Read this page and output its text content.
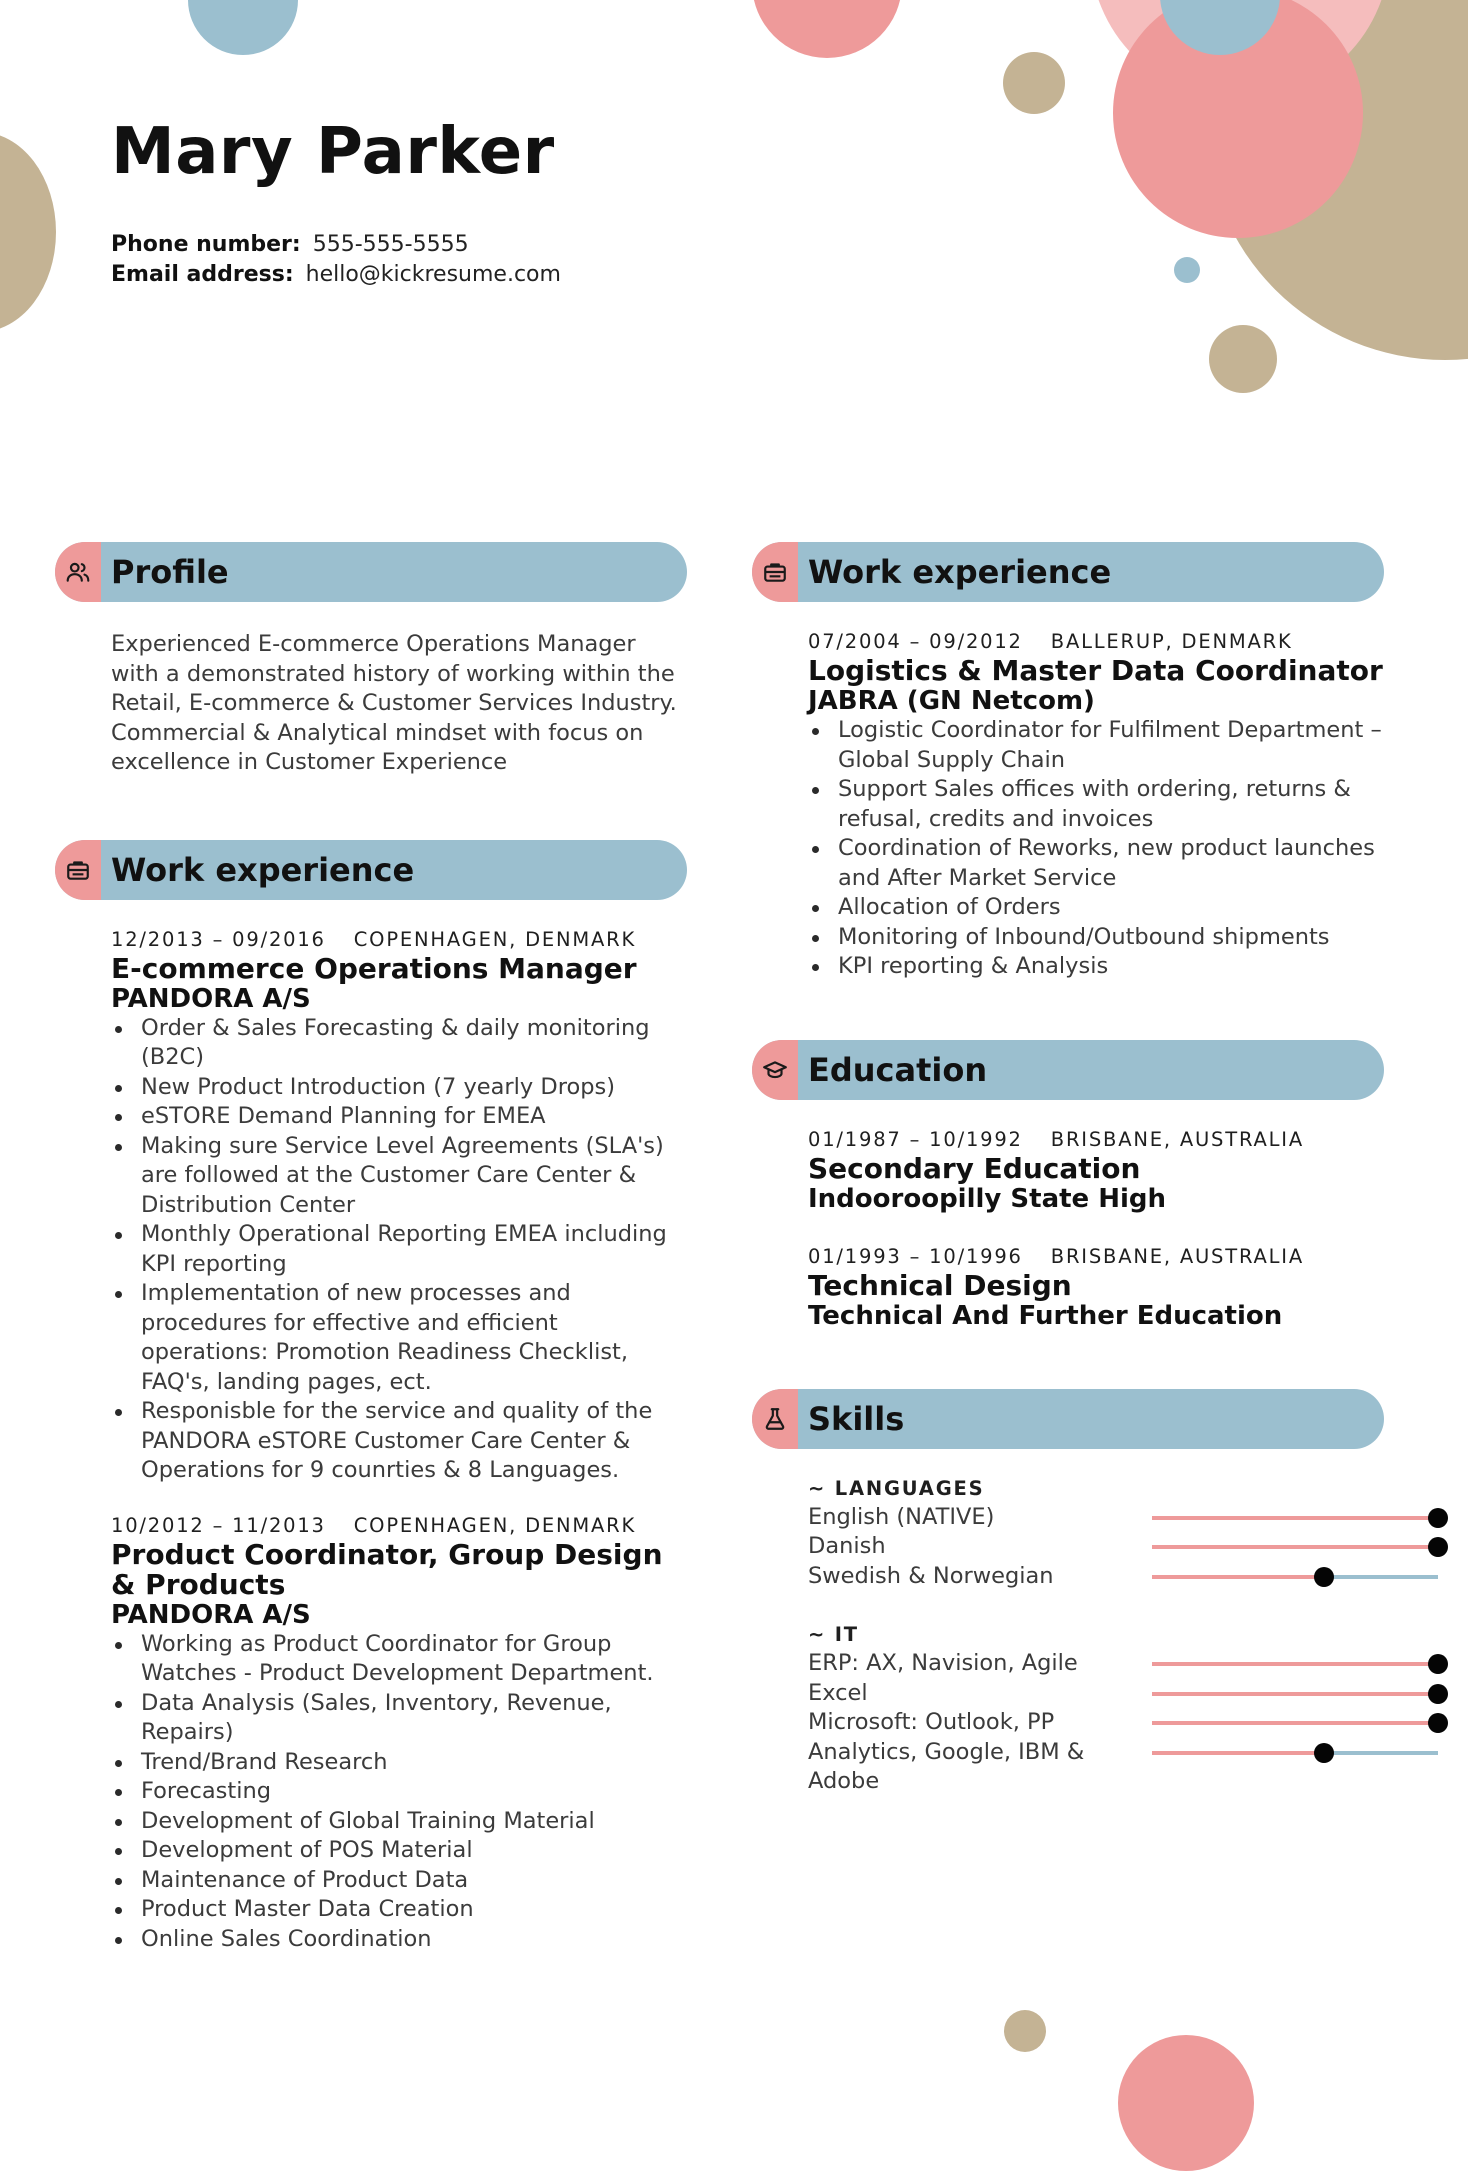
Mary Parker
Phone number: 555-555-5555
Email address: hello@kickresume.com
Profile

Experienced E-commerce Operations Manager with a demonstrated history of working within the Retail, E-commerce & Customer Services Industry. Commercial & Analytical mindset with focus on excellence in Customer Experience

Work experience
12/2013 – 09/2016 COPENHAGEN, DENMARK
E-commerce Operations Manager
PANDORA A/S
Order & Sales Forecasting & daily monitoring (B2C)
New Product Introduction (7 yearly Drops)
eSTORE Demand Planning for EMEA
Making sure Service Level Agreements (SLA's) are followed at the Customer Care Center & Distribution Center
Monthly Operational Reporting EMEA including KPI reporting
Implementation of new processes and procedures for effective and efficient operations: Promotion Readiness Checklist, FAQ's, landing pages, ect.
Responisble for the service and quality of the PANDORA eSTORE Customer Care Center & Operations for 9 counrties & 8 Languages.
10/2012 – 11/2013 COPENHAGEN, DENMARK
Product Coordinator, Group Design & Products
PANDORA A/S
Working as Product Coordinator for Group Watches - Product Development Department.
Data Analysis (Sales, Inventory, Revenue, Repairs)
Trend/Brand Research
Forecasting
Development of Global Training Material
Development of POS Material
Maintenance of Product Data
Product Master Data Creation
Online Sales Coordination
Work experience
07/2004 – 09/2012 BALLERUP, DENMARK
Logistics & Master Data Coordinator
JABRA (GN Netcom)
Logistic Coordinator for Fulfilment Department – Global Supply Chain
Support Sales offices with ordering, returns & refusal, credits and invoices
Coordination of Reworks, new product launches and After Market Service
Allocation of Orders
Monitoring of Inbound/Outbound shipments
KPI reporting & Analysis
Education
01/1987 – 10/1992 BRISBANE, AUSTRALIA
Secondary Education
Indooroopilly State High
01/1993 – 10/1996 BRISBANE, AUSTRALIA
Technical Design
Technical And Further Education
Skills
~ LANGUAGES
English (NATIVE)
Danish
Swedish & Norwegian
~ IT
ERP: AX, Navision, Agile
Excel
Microsoft: Outlook, PP
Analytics, Google, IBM & Adobe
